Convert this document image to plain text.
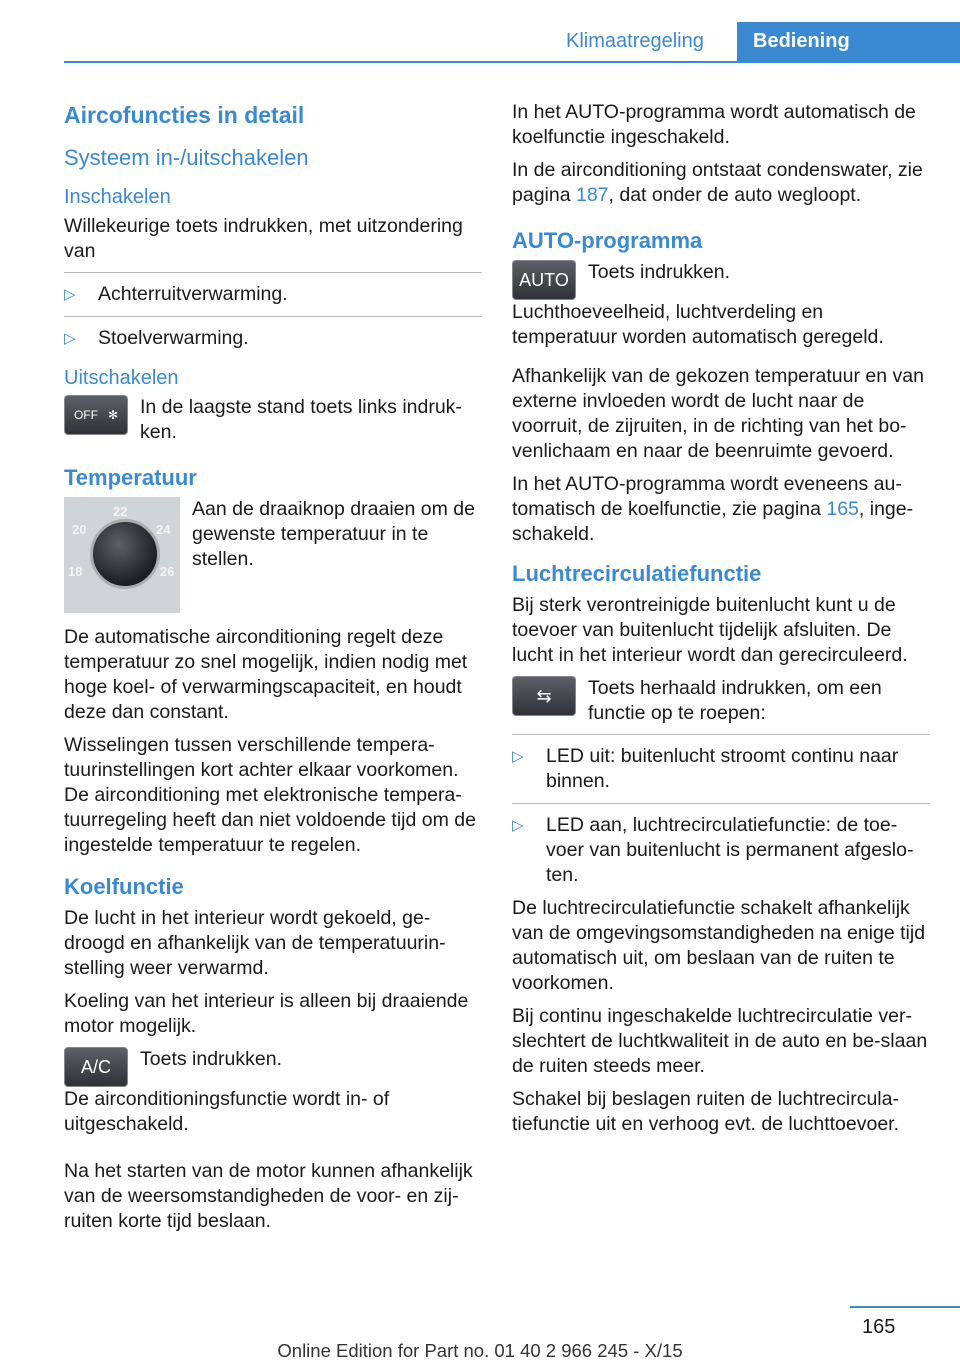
Klimaatregeling	Bediening
Aircofuncties in detail
Systeem in-/uitschakelen
Inschakelen

Willekeurige toets indrukken, met uitzondering van

▷ Achterruitverwarming.
▷ Stoelverwarming.
Uitschakelen
OFF ✻ In de laagste stand toets links indruk-ken.

Temperatuur
22
20	24
18	26

Aan de draaiknop draaien om de gewenste temperatuur in te stellen.

De automatische airconditioning regelt deze temperatuur zo snel mogelijk, indien nodig met hoge koel- of verwarmingscapaciteit, en houdt deze dan constant.

Wisselingen tussen verschillende tempera-tuurinstellingen kort achter elkaar voorkomen. De airconditioning met elektronische tempera-tuurregeling heeft dan niet voldoende tijd om de ingestelde temperatuur te regelen.

Koelfunctie

De lucht in het interieur wordt gekoeld, ge-droogd en afhankelijk van de temperatuurin-stelling weer verwarmd.

Koeling van het interieur is alleen bij draaiende motor mogelijk.

A/C	Toets indrukken.

De airconditioningsfunctie wordt in- of uitgeschakeld.

Na het starten van de motor kunnen afhankelijk van de weersomstandigheden de voor- en zij-ruiten korte tijd beslaan.

In het AUTO-programma wordt automatisch de koelfunctie ingeschakeld.

In de airconditioning ontstaat condenswater, zie pagina 187, dat onder de auto wegloopt.

AUTO-programma
AUTO Toets indrukken.

Luchthoeveelheid, luchtverdeling en temperatuur worden automatisch geregeld.

Afhankelijk van de gekozen temperatuur en van externe invloeden wordt de lucht naar de voorruit, de zijruiten, in de richting van het bo-venlichaam en naar de beenruimte gevoerd.

In het AUTO-programma wordt eveneens au-tomatisch de koelfunctie, zie pagina 165, inge-schakeld.

Luchtrecirculatiefunctie

Bij sterk verontreinigde buitenlucht kunt u de toevoer van buitenlucht tijdelijk afsluiten. De lucht in het interieur wordt dan gerecirculeerd.

⇆	Toets herhaald indrukken, om een functie op te roepen:

▷ LED uit: buitenlucht stroomt continu naar binnen.
▷ LED aan, luchtrecirculatiefunctie: de toe-voer van buitenlucht is permanent afgeslo-ten.

De luchtrecirculatiefunctie schakelt afhankelijk van de omgevingsomstandigheden na enige tijd automatisch uit, om beslaan van de ruiten te voorkomen.

Bij continu ingeschakelde luchtrecirculatie ver-slechtert de luchtkwaliteit in de auto en be-slaan de ruiten steeds meer.

Schakel bij beslagen ruiten de luchtrecircula-tiefunctie uit en verhoog evt. de luchttoevoer.

165
Online Edition for Part no. 01 40 2 966 245 - X/15
